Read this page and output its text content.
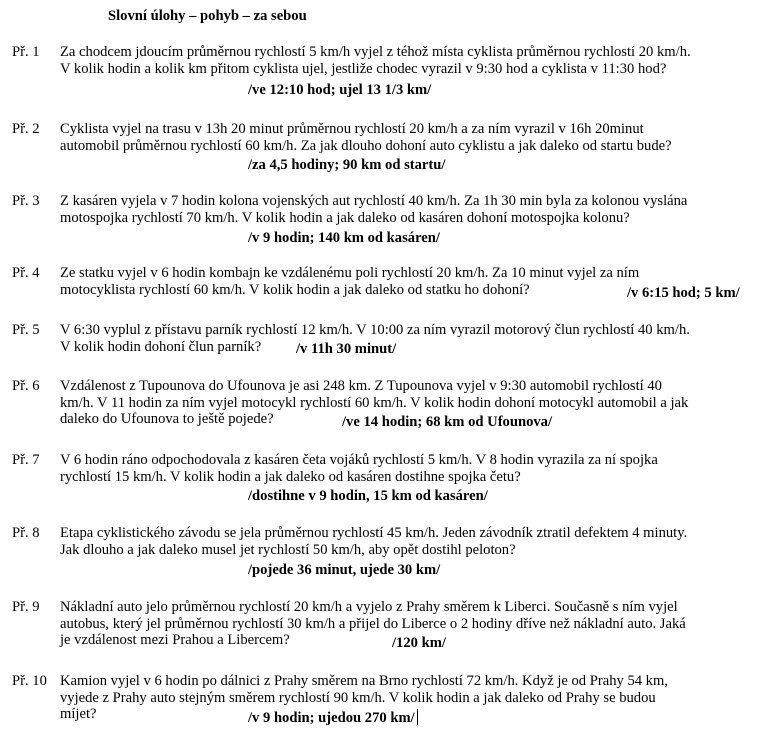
Slovní úlohy – pohyb – za sebou
Př. 1 Za chodcem jdoucím průměrnou rychlostí 5 km/h vyjel z téhož místa cyklista průměrnou rychlostí 20 km/h.
V kolik hodin a kolik km přitom cyklista ujel, jestliže chodec vyrazil v 9:30 hod a cyklista v 11:30 hod?
/ve 12:10 hod; ujel 13 1/3 km/
Př. 2 Cyklista vyjel na trasu v 13h 20 minut průměrnou rychlostí 20 km/h a za ním vyrazil v 16h 20minut
automobil průměrnou rychlostí 60 km/h. Za jak dlouho dohoní auto cyklistu a jak daleko od startu bude?
/za 4,5 hodiny; 90 km od startu/
Př. 3 Z kasáren vyjela v 7 hodin kolona vojenských aut rychlostí 40 km/h. Za 1h 30 min byla za kolonou vyslána
motospojka rychlostí 70 km/h. V kolik hodin a jak daleko od kasáren dohoní motospojka kolonu?
/v 9 hodin; 140 km od kasáren/
Př. 4 Ze statku vyjel v 6 hodin kombajn ke vzdálenému poli rychlostí 20 km/h. Za 10 minut vyjel za ním
motocyklista rychlostí 60 km/h. V kolik hodin a jak daleko od statku ho dohoní?	/v 6:15 hod; 5 km/
Př. 5 V 6:30 vyplul z přístavu parník rychlostí 12 km/h. V 10:00 za ním vyrazil motorový člun rychlostí 40 km/h.
V kolik hodin dohoní člun parník?	/v 11h 30 minut/
Př. 6 Vzdálenost z Tupounova do Ufounova je asi 248 km. Z Tupounova vyjel v 9:30 automobil rychlostí 40
km/h. V 11 hodin za ním vyjel motocykl rychlostí 60 km/h. V kolik hodin dohoní motocykl automobil a jak
daleko do Ufounova to ještě pojede?	/ve 14 hodin; 68 km od Ufounova/
Př. 7 V 6 hodin ráno odpochodovala z kasáren četa vojáků rychlostí 5 km/h. V 8 hodin vyrazila za ní spojka
rychlostí 15 km/h. V kolik hodin a jak daleko od kasáren dostihne spojka četu?
/dostihne v 9 hodin, 15 km od kasáren/
Př. 8 Etapa cyklistického závodu se jela průměrnou rychlostí 45 km/h. Jeden závodník ztratil defektem 4 minuty.
Jak dlouho a jak daleko musel jet rychlostí 50 km/h, aby opět dostihl peloton?
/pojede 36 minut, ujede 30 km/
Př. 9 Nákladní auto jelo průměrnou rychlostí 20 km/h a vyjelo z Prahy směrem k Liberci. Současně s ním vyjel
autobus, který jel průměrnou rychlostí 30 km/h a přijel do Liberce o 2 hodiny dříve než nákladní auto. Jaká
je vzdálenost mezi Prahou a Libercem?	/120 km/
Př. 10 Kamion vyjel v 6 hodin po dálnici z Prahy směrem na Brno rychlostí 72 km/h. Když je od Prahy 54 km,
vyjede z Prahy auto stejným směrem rychlostí 90 km/h. V kolik hodin a jak daleko od Prahy se budou
míjet?	/v 9 hodin; ujedou 270 km/
